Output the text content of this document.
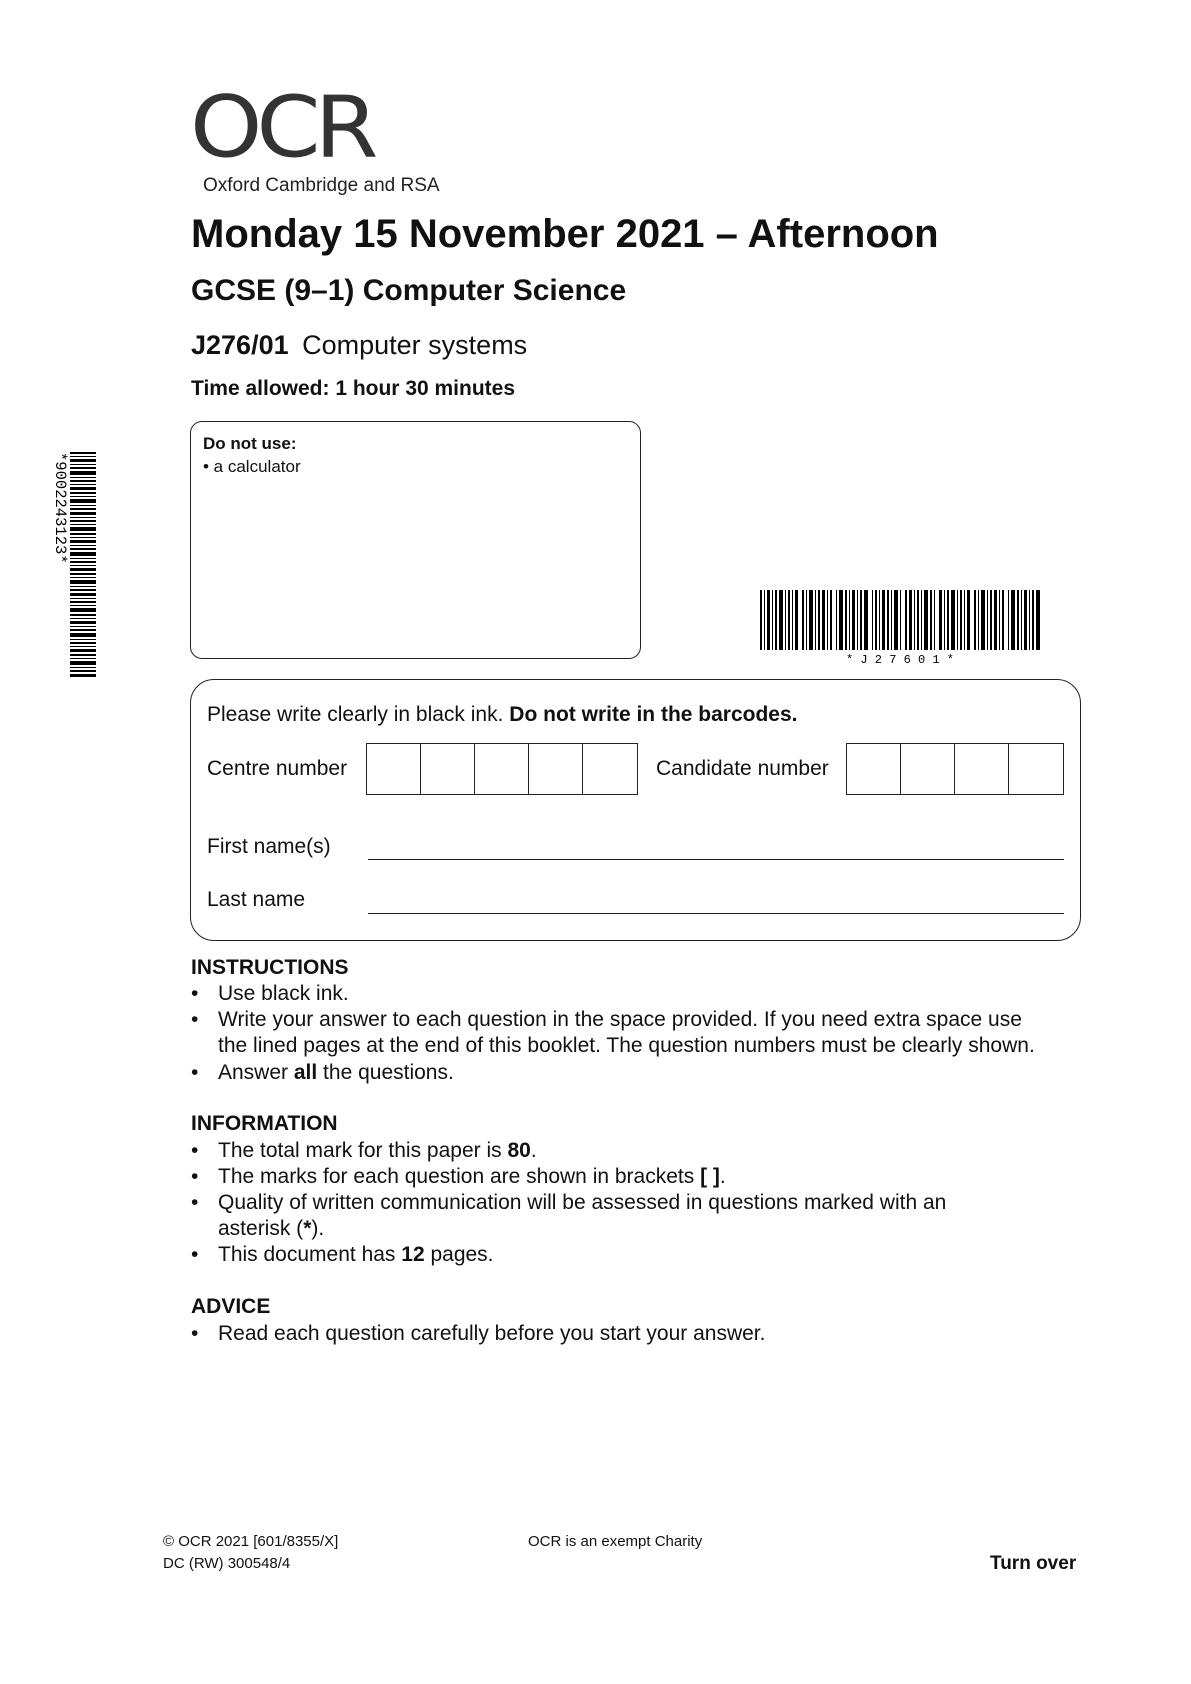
OCR
Oxford Cambridge and RSA
Monday 15 November 2021 – Afternoon
GCSE (9–1) Computer Science
J276/01 Computer systems
Time allowed: 1 hour 30 minutes
Do not use:
• a calculator
*9002243123*
* J 2 7 6 0 1 *
Please write clearly in black ink. Do not write in the barcodes.
Centre number	Candidate number
First name(s)
Last name
INSTRUCTIONS
• Use black ink.
• Write your answer to each question in the space provided. If you need extra space use
the lined pages at the end of this booklet. The question numbers must be clearly shown.
• Answer all the questions.
INFORMATION
• The total mark for this paper is 80.
• The marks for each question are shown in brackets [ ].
• Quality of written communication will be assessed in questions marked with an
asterisk (*).
• This document has 12 pages.
ADVICE
• Read each question carefully before you start your answer.
© OCR 2021 [601/8355/X]
DC (RW) 300548/4
OCR is an exempt Charity
Turn over
